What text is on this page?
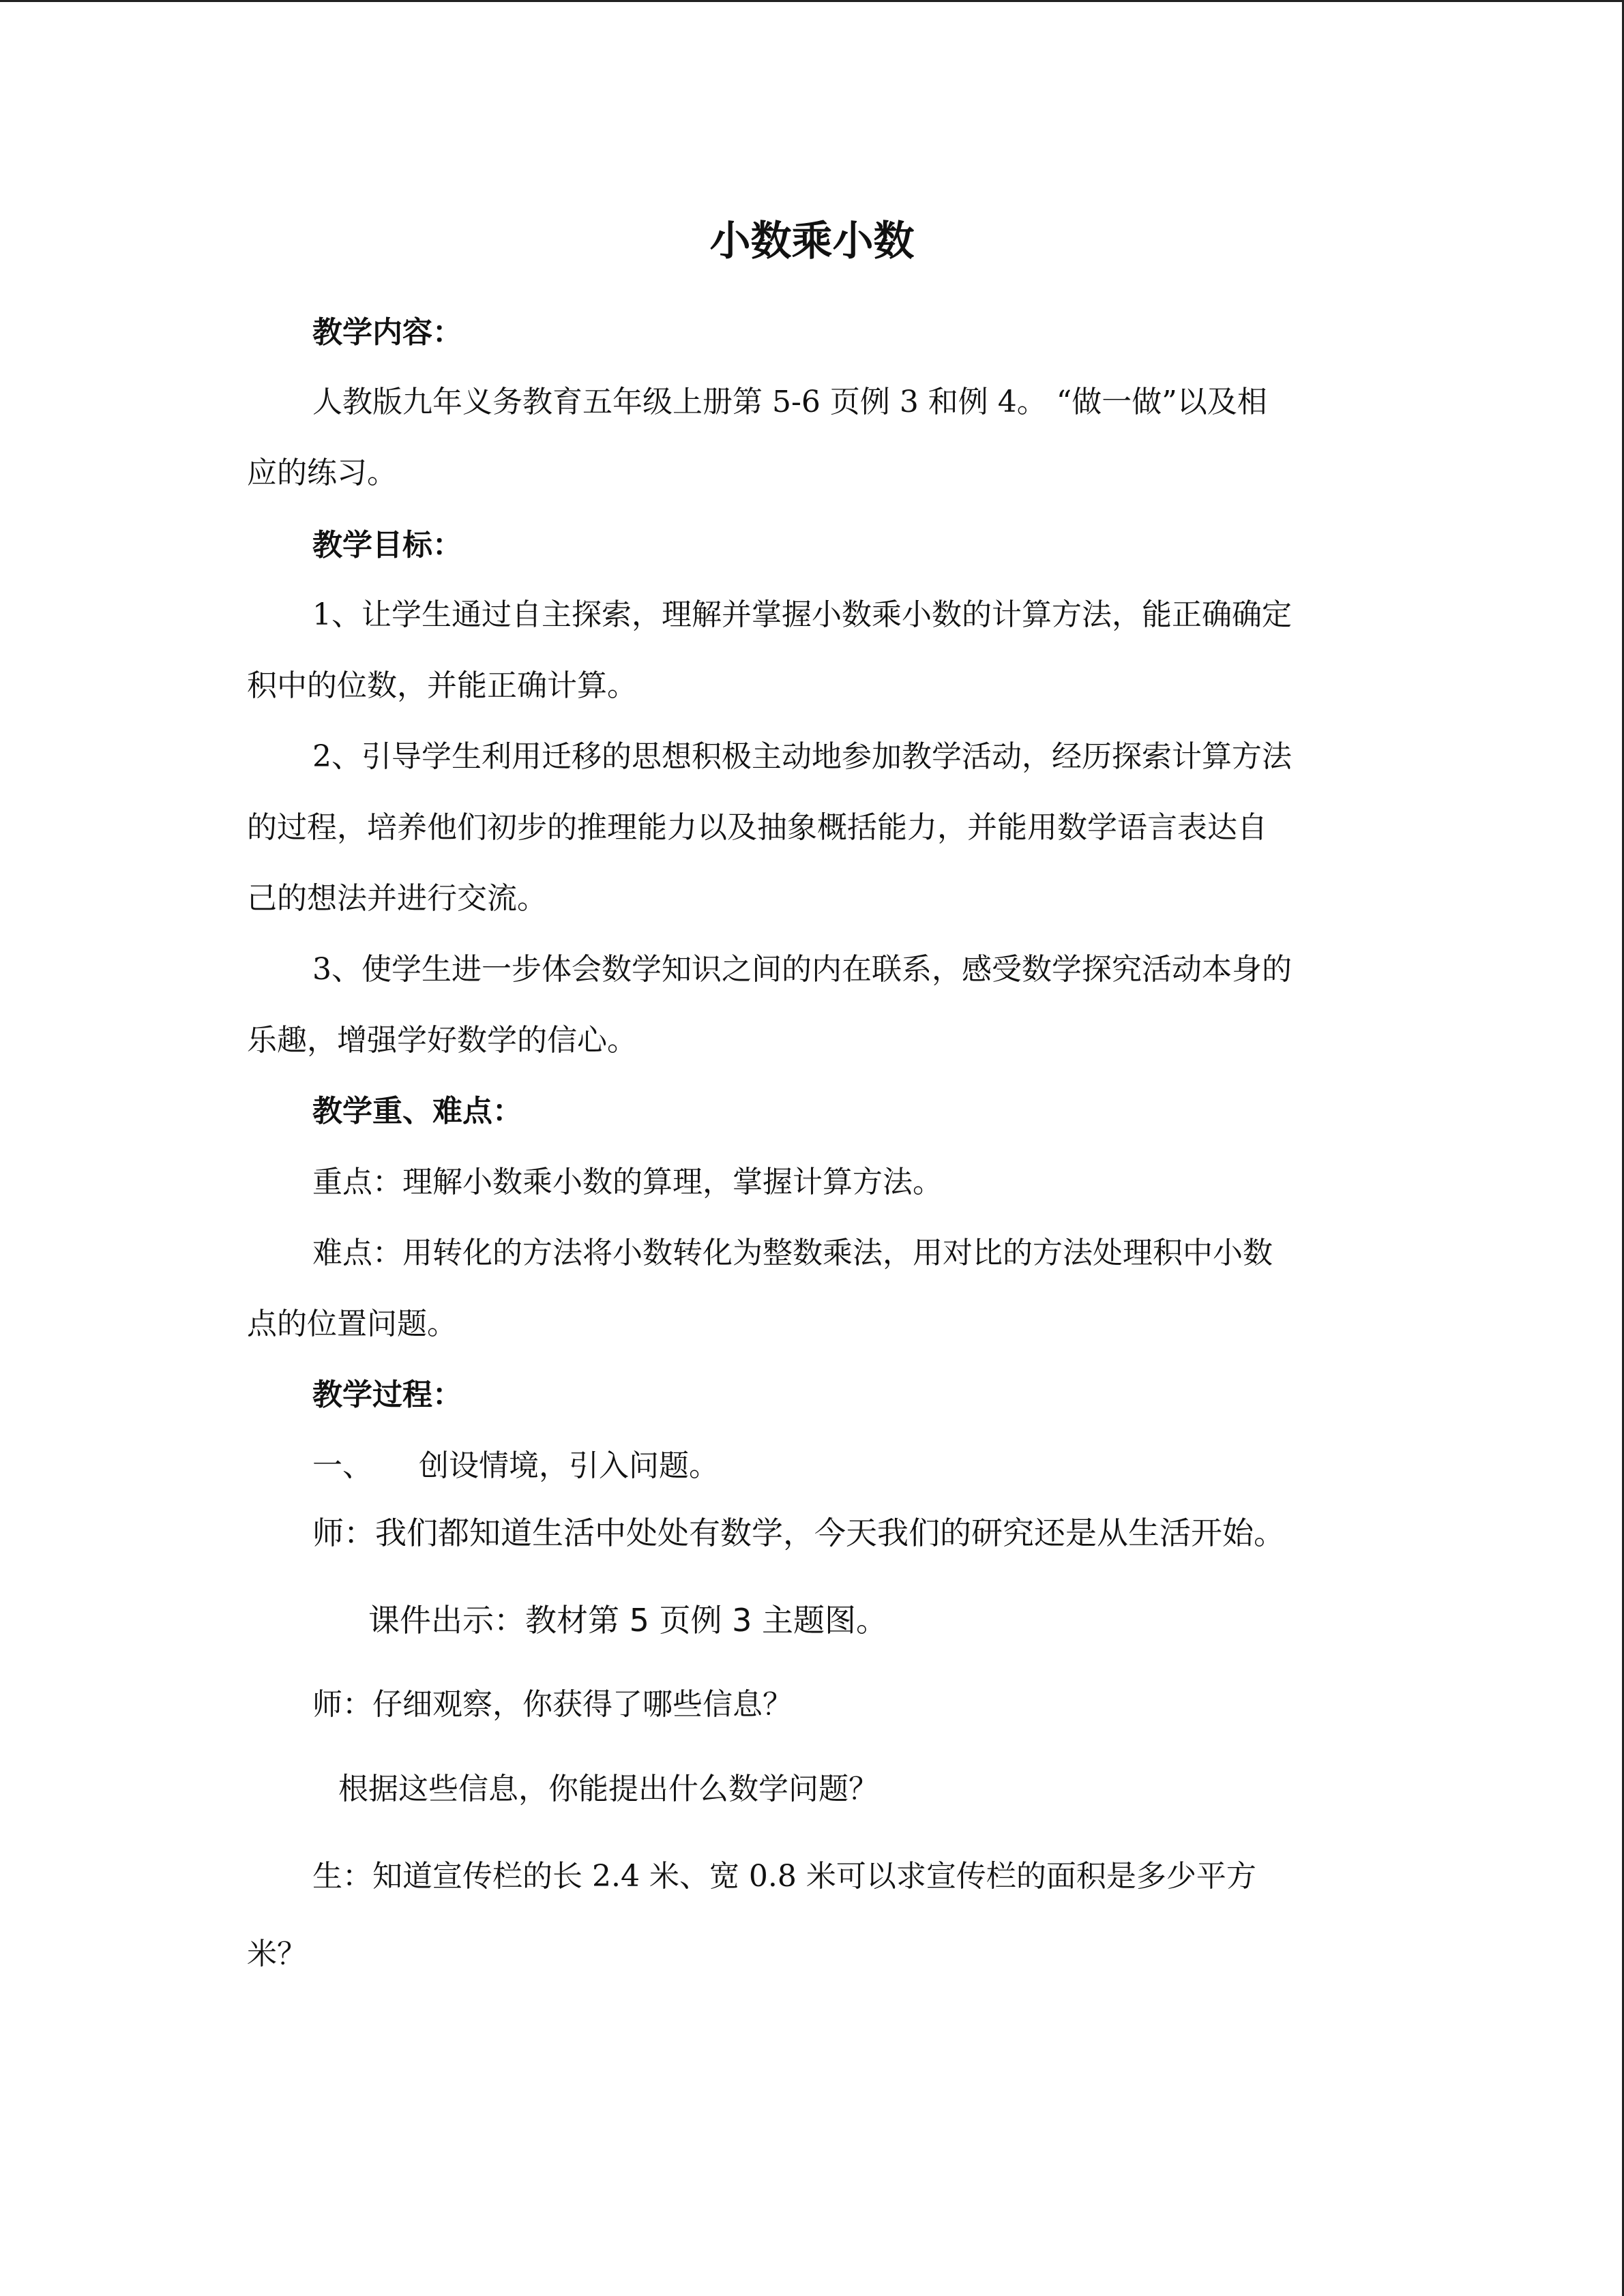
小数乘小数
教学内容：
人教版九年义务教育五年级上册第 5-6 页例 3 和例 4。 “做一做”以及相
应的练习。
教学目标：
1、让学生通过自主探索，理解并掌握小数乘小数的计算方法，能正确确定
积中的位数，并能正确计算。
2、引导学生利用迁移的思想积极主动地参加教学活动，经历探索计算方法
的过程，培养他们初步的推理能力以及抽象概括能力，并能用数学语言表达自
己的想法并进行交流。
3、使学生进一步体会数学知识之间的内在联系，感受数学探究活动本身的
乐趣，增强学好数学的信心。
教学重、难点：
重点：理解小数乘小数的算理，掌握计算方法。
难点：用转化的方法将小数转化为整数乘法，用对比的方法处理积中小数
点的位置问题。
教学过程：
一、 创设情境，引入问题。
师：我们都知道生活中处处有数学，今天我们的研究还是从生活开始。
课件出示：教材第 5 页例 3 主题图。
师：仔细观察，你获得了哪些信息？
根据这些信息，你能提出什么数学问题？
生：知道宣传栏的长 2.4 米、宽 0.8 米可以求宣传栏的面积是多少平方
米？
